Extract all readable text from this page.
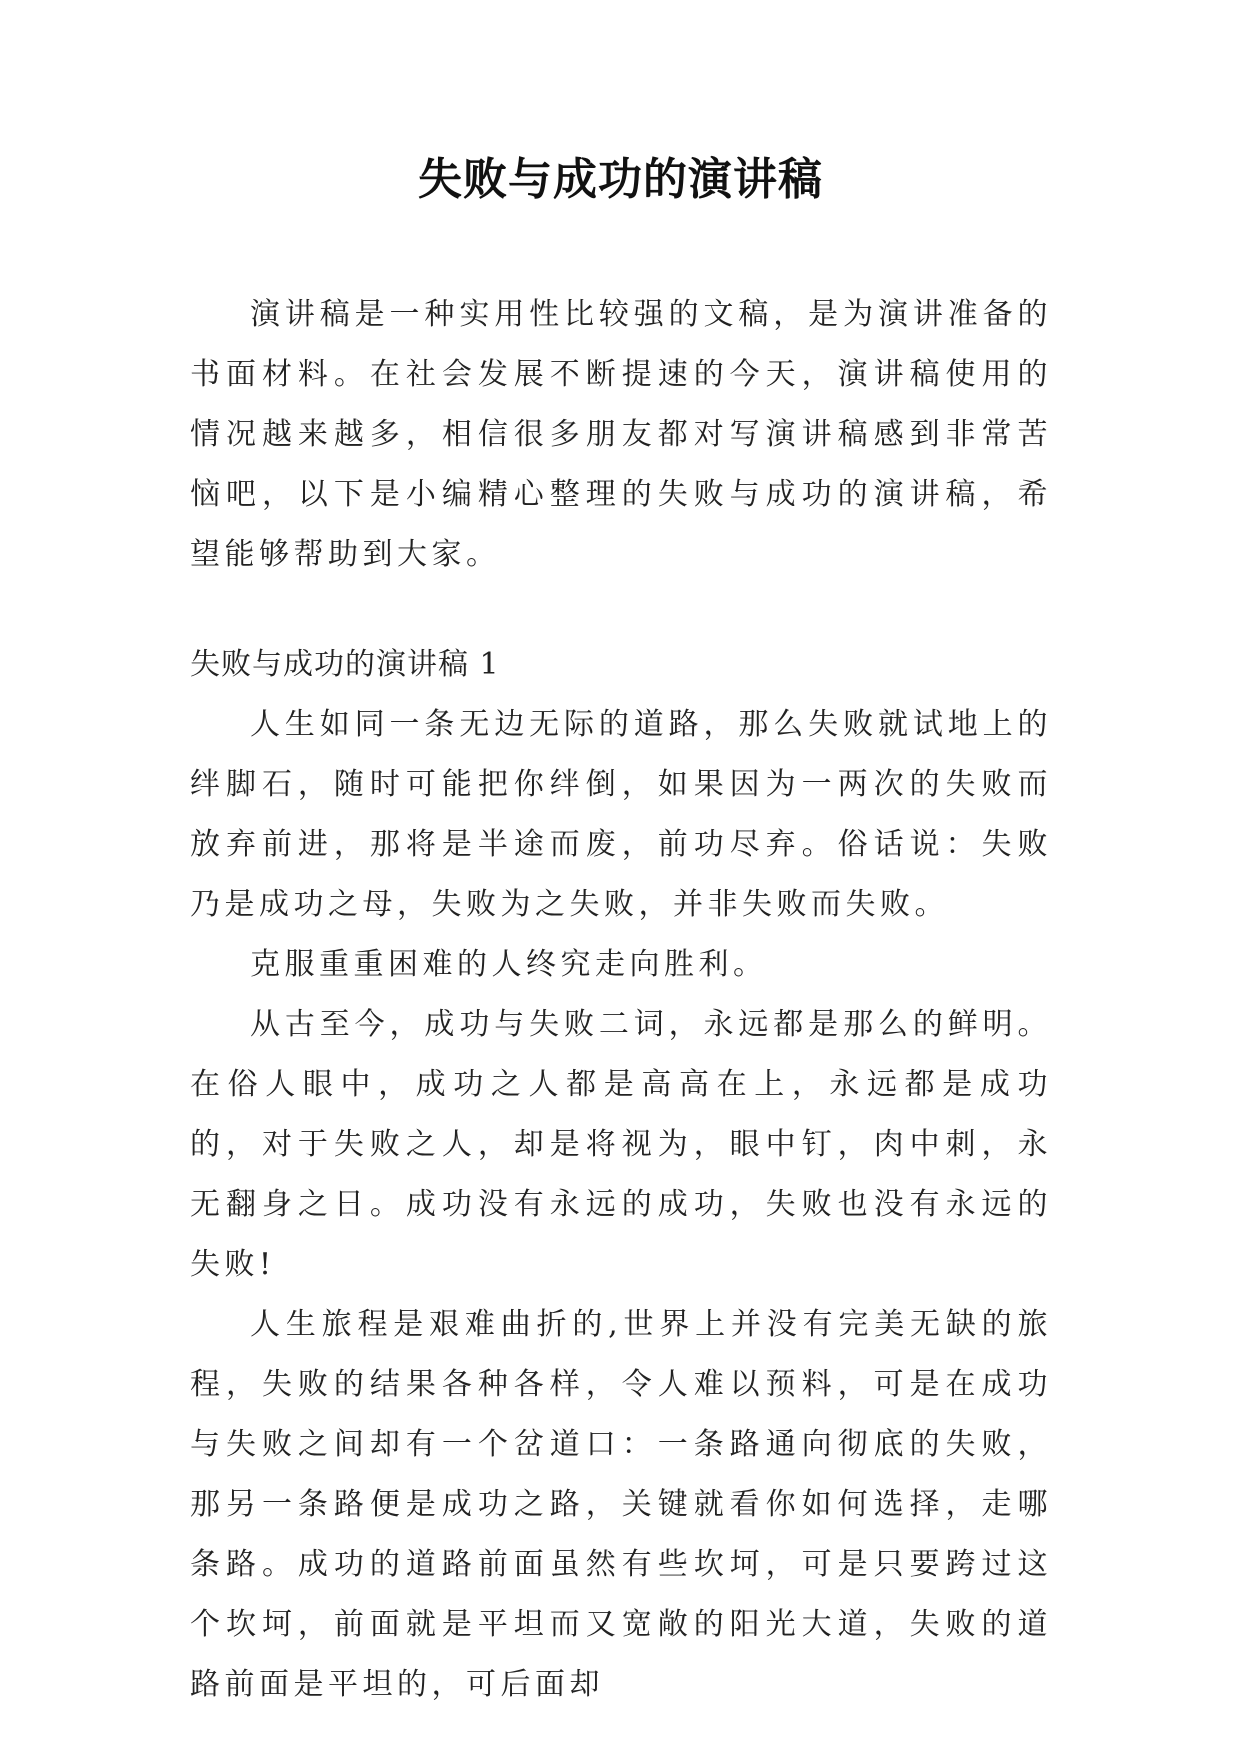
失败与成功的演讲稿

演讲稿是一种实用性比较强的文稿，是为演讲准备的书面材料。在社会发展不断提速的今天，演讲稿使用的情况越来越多，相信很多朋友都对写演讲稿感到非常苦恼吧，以下是小编精心整理的失败与成功的演讲稿，希望能够帮助到大家。

失败与成功的演讲稿 1

人生如同一条无边无际的道路，那么失败就试地上的绊脚石，随时可能把你绊倒，如果因为一两次的失败而放弃前进，那将是半途而废，前功尽弃。俗话说：失败乃是成功之母，失败为之失败，并非失败而失败。

克服重重困难的人终究走向胜利。

从古至今，成功与失败二词，永远都是那么的鲜明。在俗人眼中，成功之人都是高高在上，永远都是成功的，对于失败之人，却是将视为，眼中钉，肉中刺，永无翻身之日。成功没有永远的成功，失败也没有永远的失败!

人生旅程是艰难曲折的,世界上并没有完美无缺的旅程，失败的结果各种各样，令人难以预料，可是在成功与失败之间却有一个岔道口：一条路通向彻底的失败，那另一条路便是成功之路，关键就看你如何选择，走哪条路。成功的道路前面虽然有些坎坷，可是只要跨过这个坎坷，前面就是平坦而又宽敞的阳光大道，失败的道路前面是平坦的，可后面却
